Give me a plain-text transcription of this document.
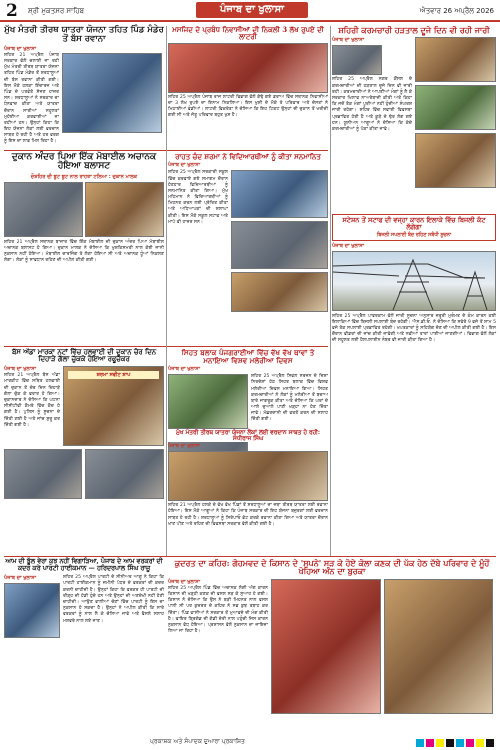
2 ਸ਼੍ਰੀ ਮੁਕਤਸਰ ਸਾਹਿਬ	ਪੰਜਾਬ ਦਾ ਖੁਲਾਸਾ	ਐਤਵਾਰ 26 ਅਪ੍ਰੈਲ 2026
ਮੁੱਖ ਮੰਤਰੀ ਤੀਰਥ ਯਾਤਰਾ ਯੋਜਨਾ ਤਹਿਤ ਪਿੰਡ ਮੰਡੇਰ ਤੋਂ ਬੱਸ ਰਵਾਨਾ
ਪੰਜਾਬ ਦਾ ਖੁਲਾਸਾ
ਸ਼ਹਿਰ 21 ਅਪ੍ਰੈਲ ਪੰਜਾਬ ਸਰਕਾਰ ਵੱਲੋਂ ਚਲਾਈ ਜਾ ਰਹੀ ਮੁੱਖ ਮੰਤਰੀ ਤੀਰਥ ਯਾਤਰਾ ਯੋਜਨਾ ਤਹਿਤ ਪਿੰਡ ਮੰਡੇਰ ਤੋਂ ਸ਼ਰਧਾਲੂਆਂ ਦੀ ਬੱਸ ਰਵਾਨਾ ਕੀਤੀ ਗਈ। ਇਸ ਮੌਕੇ ਹਲਕਾ ਇੰਚਾਰਜ ਅਤੇ ਪਿੰਡ ਦੇ ਪਤਵੰਤੇ ਸੱਜਣ ਹਾਜ਼ਰ ਸਨ। ਸ਼ਰਧਾਲੂਆਂ ਨੇ ਸਰਕਾਰ ਦਾ ਧੰਨਵਾਦ ਕੀਤਾ ਅਤੇ ਯਾਤਰਾ ਦੌਰਾਨ ਸਾਰੀਆਂ ਸਹੂਲਤਾਂ ਮੁਹੱਈਆ ਕਰਵਾਈਆਂ ਜਾ ਰਹੀਆਂ ਹਨ। ਉਨ੍ਹਾਂ ਕਿਹਾ ਕਿ ਇਹ ਯੋਜਨਾ ਲੋਕਾਂ ਲਈ ਵਰਦਾਨ ਸਾਬਤ ਹੋ ਰਹੀ ਹੈ ਅਤੇ ਹਰ ਵਰਗ ਨੂੰ ਇਸ ਦਾ ਲਾਭ ਮਿਲ ਰਿਹਾ ਹੈ।
ਮਸਜਿਦ ਦੇ ਪ੍ਰਬੰਧ ਨਿਵਾਸੀਆਂ ਦੀ ਨਿਕਲੀ 3 ਲੱਖ ਰੁਪਏ ਦੀ ਲਾਟਰੀ
ਸ਼ਹਿਰ 25 ਅਪ੍ਰੈਲ ਪੰਜਾਬ ਰਾਜ ਲਾਟਰੀ ਵਿਭਾਗ ਵੱਲੋਂ ਕੱਢੇ ਗਏ ਡਰਾਅ ਵਿੱਚ ਸਥਾਨਕ ਨਿਵਾਸੀਆਂ ਦਾ 3 ਲੱਖ ਰੁਪਏ ਦਾ ਇਨਾਮ ਨਿਕਲਿਆ। ਇਸ ਖੁਸ਼ੀ ਦੇ ਮੌਕੇ ਤੇ ਪਰਿਵਾਰ ਅਤੇ ਦੋਸਤਾਂ ਨੇ ਮਿਠਾਈਆਂ ਵੰਡੀਆਂ। ਲਾਟਰੀ ਵਿਕਰੇਤਾ ਨੇ ਦੱਸਿਆ ਕਿ ਇਹ ਟਿਕਟ ਉਨ੍ਹਾਂ ਦੀ ਦੁਕਾਨ ਤੋਂ ਖਰੀਦੀ ਗਈ ਸੀ ਅਤੇ ਜੇਤੂ ਪਰਿਵਾਰ ਬਹੁਤ ਖੁਸ਼ ਹੈ।
ਸ਼ਹਿਰੀ ਕਰਮਚਾਰੀ ਹੜਤਾਲ ਦੂਜੇ ਦਿਨ ਵੀ ਰਹੀ ਜਾਰੀ
ਪੰਜਾਬ ਦਾ ਖੁਲਾਸਾ
ਸ਼ਹਿਰ 25 ਅਪ੍ਰੈਲ ਨਗਰ ਕੌਂਸਲ ਦੇ ਕਰਮਚਾਰੀਆਂ ਦੀ ਹੜਤਾਲ ਦੂਜੇ ਦਿਨ ਵੀ ਜਾਰੀ ਰਹੀ। ਕਰਮਚਾਰੀਆਂ ਨੇ ਆਪਣੀਆਂ ਮੰਗਾਂ ਨੂੰ ਲੈ ਕੇ ਸਰਕਾਰ ਖਿਲਾਫ ਨਾਅਰੇਬਾਜ਼ੀ ਕੀਤੀ ਅਤੇ ਕਿਹਾ ਕਿ ਜਦੋਂ ਤੱਕ ਮੰਗਾਂ ਪੂਰੀਆਂ ਨਹੀਂ ਹੁੰਦੀਆਂ ਸੰਘਰਸ਼ ਜਾਰੀ ਰਹੇਗਾ। ਸ਼ਹਿਰ ਵਿੱਚ ਸਫਾਈ ਵਿਵਸਥਾ ਪ੍ਰਭਾਵਿਤ ਹੋਈ ਹੈ ਅਤੇ ਕੂੜੇ ਦੇ ਢੇਰ ਲੱਗ ਗਏ ਹਨ। ਯੂਨੀਅਨ ਆਗੂਆਂ ਨੇ ਦੱਸਿਆ ਕਿ ਕੱਚੇ ਕਰਮਚਾਰੀਆਂ ਨੂੰ ਪੱਕਾ ਕੀਤਾ ਜਾਵੇ।
ਦੁਕਾਨ ਅੰਦਰ ਪਿਆ ਇੱਕ ਮੋਬਾਈਲ ਅਚਾਨਕ ਹੋਇਆ ਬਲਾਸਟ
ਦੋਸ਼ਹਿਰ ਦੀ ਬੂਟ ਬੂਟ ਨਾਲ ਰਾਹਤਾ ਟਲਿਆ : ਦੁਕਾਨ ਮਾਲਕ
ਸ਼ਹਿਰ 21 ਅਪ੍ਰੈਲ ਸਥਾਨਕ ਬਾਜ਼ਾਰ ਵਿੱਚ ਇੱਕ ਮੋਬਾਈਲ ਦੀ ਦੁਕਾਨ ਅੰਦਰ ਪਿਆ ਮੋਬਾਈਲ ਅਚਾਨਕ ਬਲਾਸਟ ਹੋ ਗਿਆ। ਦੁਕਾਨ ਮਾਲਕ ਨੇ ਦੱਸਿਆ ਕਿ ਖੁਸ਼ਕਿਸਮਤੀ ਨਾਲ ਕੋਈ ਜਾਨੀ ਨੁਕਸਾਨ ਨਹੀਂ ਹੋਇਆ। ਮੋਬਾਈਲ ਚਾਰਜਿੰਗ ਤੇ ਲੱਗਾ ਹੋਇਆ ਸੀ ਅਤੇ ਅਚਾਨਕ ਧੂੰਆਂ ਨਿਕਲਣ ਲੱਗਾ। ਲੋਕਾਂ ਨੂੰ ਸਾਵਧਾਨ ਰਹਿਣ ਦੀ ਅਪੀਲ ਕੀਤੀ ਗਈ।
ਰਾਹਤ ਚੰਦ ਸ਼ਰਮਾ ਨੇ ਵਿਦਿਆਰਥੀਆਂ ਨੂੰ ਕੀਤਾ ਸਨਮਾਨਿਤ
ਪੰਜਾਬ ਦਾ ਖੁਲਾਸਾ
ਸ਼ਹਿਰ 25 ਅਪ੍ਰੈਲ ਸਰਕਾਰੀ ਸਕੂਲ ਵਿੱਚ ਕਰਵਾਏ ਗਏ ਸਮਾਗਮ ਦੌਰਾਨ ਹੋਣਹਾਰ ਵਿਦਿਆਰਥੀਆਂ ਨੂੰ ਸਨਮਾਨਿਤ ਕੀਤਾ ਗਿਆ। ਮੁੱਖ ਮਹਿਮਾਨ ਨੇ ਵਿਦਿਆਰਥੀਆਂ ਨੂੰ ਮਿਹਨਤ ਕਰਨ ਲਈ ਪ੍ਰੇਰਿਤ ਕੀਤਾ ਅਤੇ ਅਧਿਆਪਕਾਂ ਦੀ ਸ਼ਲਾਘਾ ਕੀਤੀ। ਇਸ ਮੌਕੇ ਸਕੂਲ ਸਟਾਫ ਅਤੇ ਮਾਪੇ ਵੀ ਹਾਜ਼ਰ ਸਨ।	ਸਟੇਸ਼ਨ ਤੋਂ ਸਟਾਫ ਦੀ ਵਜ੍ਹਾ ਕਾਰਨ ਇਲਾਕੇ ਵਿੱਚ ਬਿਜਲੀ ਕੱਟ ਲੱਗੇਗਾ
ਬਿਜਲੀ ਸਪਲਾਈ ਬੰਦ ਰਹਿਣ ਸਬੰਧੀ ਸੂਚਨਾ
ਪੰਜਾਬ ਦਾ ਖੁਲਾਸਾ
ਸ਼ਹਿਰ 25 ਅਪ੍ਰੈਲ ਪਾਵਰਕਾਮ ਵੱਲੋਂ ਜਾਰੀ ਸੂਚਨਾ ਅਨੁਸਾਰ ਜ਼ਰੂਰੀ ਮੁਰੰਮਤ ਦੇ ਕੰਮ ਕਾਰਨ ਕਈ ਇਲਾਕਿਆਂ ਵਿੱਚ ਬਿਜਲੀ ਸਪਲਾਈ ਬੰਦ ਰਹੇਗੀ। ਐਸ.ਡੀ.ਓ. ਨੇ ਦੱਸਿਆ ਕਿ ਸਵੇਰੇ 9 ਵਜੇ ਤੋਂ ਸ਼ਾਮ 5 ਵਜੇ ਤੱਕ ਸਪਲਾਈ ਪ੍ਰਭਾਵਿਤ ਰਹੇਗੀ। ਖਪਤਕਾਰਾਂ ਨੂੰ ਸਹਿਯੋਗ ਦੇਣ ਦੀ ਅਪੀਲ ਕੀਤੀ ਗਈ ਹੈ। ਇਸ ਦੌਰਾਨ ਫੀਡਰਾਂ ਦੀ ਜਾਂਚ ਕੀਤੀ ਜਾਵੇਗੀ ਅਤੇ ਨਵੀਆਂ ਤਾਰਾਂ ਪਾਈਆਂ ਜਾਣਗੀਆਂ। ਵਿਭਾਗ ਵੱਲੋਂ ਲੋਕਾਂ ਦੀ ਸਹੂਲਤ ਲਈ ਹੈਲਪਲਾਈਨ ਨੰਬਰ ਵੀ ਜਾਰੀ ਕੀਤਾ ਗਿਆ ਹੈ।
ਬੱਸ ਅੱਡਾ ਮਾਰਕਾ ਨਟਾਂ ਵਿੱਚ ਹਲਵਾਈ ਦੀ ਦੁਕਾਨ ਚੋਰ ਦਿਨ ਦਿਹਾੜੇ ਗੱਲਾ ਚੁੱਕਕੇ ਹੋਇਆ ਰਫੂਚੱਕਰ
ਪੰਜਾਬ ਦਾ ਖੁਲਾਸਾ
ਸ਼ਹਿਰ 21 ਅਪ੍ਰੈਲ ਬੱਸ ਅੱਡਾ ਮਾਰਕੀਟ ਵਿੱਚ ਸਥਿਤ ਹਲਵਾਈ ਦੀ ਦੁਕਾਨ ਤੋਂ ਚੋਰ ਦਿਨ ਦਿਹਾੜੇ ਗੱਲਾ ਚੁੱਕ ਕੇ ਫਰਾਰ ਹੋ ਗਿਆ। ਦੁਕਾਨਦਾਰ ਨੇ ਦੱਸਿਆ ਕਿ ਘਟਨਾ ਸੀਸੀਟੀਵੀ ਕੈਮਰੇ ਵਿੱਚ ਕੈਦ ਹੋ ਗਈ ਹੈ। ਪੁਲਿਸ ਨੂੰ ਸੂਚਨਾ ਦੇ ਦਿੱਤੀ ਗਈ ਹੈ ਅਤੇ ਜਾਂਚ ਸ਼ੁਰੂ ਕਰ ਦਿੱਤੀ ਗਈ ਹੈ।
ਸ਼ਰਮਾ ਸਵੀਟ ਸ਼ਾਪ
ਸਿਹਤ ਬਲਾਕ ਪੰਜਗਰਾਈਆਂ ਵਿੱਚ ਵੱਖ ਵੱਖ ਥਾਵਾਂ ਤੇ ਮਨਾਇਆ ਵਿਸ਼ਵ ਮਲੇਰੀਆ ਦਿਵਸ
ਪੰਜਾਬ ਦਾ ਖੁਲਾਸਾ
ਸ਼ਹਿਰ 25 ਅਪ੍ਰੈਲ ਸਿਵਲ ਸਰਜਨ ਦੇ ਦਿਸ਼ਾ ਨਿਰਦੇਸ਼ਾਂ ਹੇਠ ਸਿਹਤ ਬਲਾਕ ਵਿੱਚ ਵਿਸ਼ਵ ਮਲੇਰੀਆ ਦਿਵਸ ਮਨਾਇਆ ਗਿਆ। ਸਿਹਤ ਕਰਮਚਾਰੀਆਂ ਨੇ ਲੋਕਾਂ ਨੂੰ ਮਲੇਰੀਆ ਤੋਂ ਬਚਾਅ ਬਾਰੇ ਜਾਗਰੂਕ ਕੀਤਾ ਅਤੇ ਦੱਸਿਆ ਕਿ ਘਰਾਂ ਦੇ ਆਲੇ ਦੁਆਲੇ ਪਾਣੀ ਖੜ੍ਹਾ ਨਾ ਹੋਣ ਦਿੱਤਾ ਜਾਵੇ। ਮੱਛਰਦਾਨੀ ਦੀ ਵਰਤੋਂ ਕਰਨ ਦੀ ਸਲਾਹ ਦਿੱਤੀ ਗਈ।
ਆਮ ਦੀ ਝੂੱਲ ਵੇਰਾ ਕੁਝ ਨਹੀਂ ਵਿਗਾੜਿਆ, ਪੰਜਾਬ ਦੇ ਆਮ ਵਰਕਰਾਂ ਦੀ ਕਦਰ ਕਰੇ ਪਾਰਟੀ ਹਾਈਕਮਾਨ — ਹਰਿਦਰਪਾਲ ਸਿੰਘ ਰਾਜੂ
ਪੰਜਾਬ ਦਾ ਖੁਲਾਸਾ	ਸ਼ਹਿਰ 25 ਅਪ੍ਰੈਲ ਪਾਰਟੀ ਦੇ ਸੀਨੀਅਰ ਆਗੂ ਨੇ ਕਿਹਾ ਕਿ ਪਾਰਟੀ ਹਾਈਕਮਾਨ ਨੂੰ ਜ਼ਮੀਨੀ ਪੱਧਰ ਦੇ ਵਰਕਰਾਂ ਦੀ ਕਦਰ ਕਰਨੀ ਚਾਹੀਦੀ ਹੈ। ਉਨ੍ਹਾਂ ਕਿਹਾ ਕਿ ਵਰਕਰ ਹੀ ਪਾਰਟੀ ਦੀ ਰੀੜ੍ਹ ਦੀ ਹੱਡੀ ਹੁੰਦੇ ਹਨ ਅਤੇ ਉਨ੍ਹਾਂ ਦੀ ਅਣਦੇਖੀ ਨਹੀਂ ਹੋਣੀ ਚਾਹੀਦੀ। ਆਉਣ ਵਾਲੀਆਂ ਚੋਣਾਂ ਵਿੱਚ ਪਾਰਟੀ ਨੂੰ ਇਸ ਦਾ ਨੁਕਸਾਨ ਹੋ ਸਕਦਾ ਹੈ। ਉਨ੍ਹਾਂ ਨੇ ਅਪੀਲ ਕੀਤੀ ਕਿ ਸਾਰੇ ਵਰਕਰਾਂ ਨੂੰ ਨਾਲ ਲੈ ਕੇ ਚੱਲਿਆ ਜਾਵੇ ਅਤੇ ਫੈਸਲੇ ਸਲਾਹ ਮਸ਼ਵਰੇ ਨਾਲ ਲਏ ਜਾਣ।
ਮੁੱਖ ਮੰਤਰੀ ਤੀਰਥ ਯਾਤਰਾ ਯੋਜਨਾ ਲੋਕਾਂ ਲਈ ਵਰਦਾਨ ਸਾਬਤ ਹੋ ਰਹੀ: ਸੰਧੀਰਾਜ ਸਿੰਘ
ਪੰਜਾਬ ਦਾ ਖੁਲਾਸਾ
ਸ਼ਹਿਰ 21 ਅਪ੍ਰੈਲ ਹਲਕੇ ਦੇ ਵੱਖ ਵੱਖ ਪਿੰਡਾਂ ਤੋਂ ਸ਼ਰਧਾਲੂਆਂ ਦਾ ਜਥਾ ਤੀਰਥ ਯਾਤਰਾ ਲਈ ਰਵਾਨਾ ਹੋਇਆ। ਇਸ ਮੌਕੇ ਆਗੂਆਂ ਨੇ ਕਿਹਾ ਕਿ ਪੰਜਾਬ ਸਰਕਾਰ ਦੀ ਇਹ ਯੋਜਨਾ ਬਜ਼ੁਰਗਾਂ ਲਈ ਵਰਦਾਨ ਸਾਬਤ ਹੋ ਰਹੀ ਹੈ। ਸ਼ਰਧਾਲੂਆਂ ਨੂੰ ਸਿਰੋਪਾਓ ਭੇਟ ਕਰਕੇ ਰਵਾਨਾ ਕੀਤਾ ਗਿਆ ਅਤੇ ਯਾਤਰਾ ਦੌਰਾਨ ਖਾਣ ਪੀਣ ਅਤੇ ਰਹਿਣ ਦੀ ਵਿਵਸਥਾ ਸਰਕਾਰ ਵੱਲੋਂ ਕੀਤੀ ਗਈ ਹੈ।
ਕੁਦਰਤ ਦਾ ਕਹਿਰ: ਗੋਹਮਵਦ ਦੇ ਕਿਸਾਨ ਦੇ 'ਸੁਪਨੇ' ਸੜ ਕੇ ਹੋਏ ਕੋਲਾ ਕਣਕ ਦੀ ਪੱਕ ਹੇਠ ਦੱਬੇ ਪਰਿਵਾਰ ਦੇ ਮੂੰਹੋਂ ਖੋਹਿਆ ਅੰਨ ਦਾ ਬੁਰਕਾ
ਪੰਜਾਬ ਦਾ ਖੁਲਾਸਾ
ਸ਼ਹਿਰ 25 ਅਪ੍ਰੈਲ ਪਿੰਡ ਵਿੱਚ ਅਚਾਨਕ ਲੱਗੀ ਅੱਗ ਕਾਰਨ ਕਿਸਾਨ ਦੀ ਖੜ੍ਹੀ ਕਣਕ ਦੀ ਫਸਲ ਸੜ ਕੇ ਸੁਆਹ ਹੋ ਗਈ। ਕਿਸਾਨ ਨੇ ਦੱਸਿਆ ਕਿ ਉਸ ਨੇ ਬੜੀ ਮਿਹਨਤ ਨਾਲ ਫਸਲ ਪਾਲੀ ਸੀ ਪਰ ਕੁਦਰਤ ਦੇ ਕਹਿਰ ਨੇ ਸਭ ਕੁਝ ਤਬਾਹ ਕਰ ਦਿੱਤਾ। ਪਿੰਡ ਵਾਸੀਆਂ ਨੇ ਸਰਕਾਰ ਤੋਂ ਮੁਆਵਜ਼ੇ ਦੀ ਮੰਗ ਕੀਤੀ ਹੈ। ਫਾਇਰ ਬ੍ਰਿਗੇਡ ਦੀ ਗੱਡੀ ਦੇਰੀ ਨਾਲ ਪਹੁੰਚੀ ਜਿਸ ਕਾਰਨ ਨੁਕਸਾਨ ਵੱਧ ਹੋਇਆ। ਪ੍ਰਸ਼ਾਸਨ ਵੱਲੋਂ ਨੁਕਸਾਨ ਦਾ ਜਾਇਜ਼ਾ ਲਿਆ ਜਾ ਰਿਹਾ ਹੈ।
ਪ੍ਰਕਾਸ਼ਕ ਅਤੇ ਸੰਪਾਦਕ ਦੁਆਰਾ ਪ੍ਰਕਾਸ਼ਿਤ
